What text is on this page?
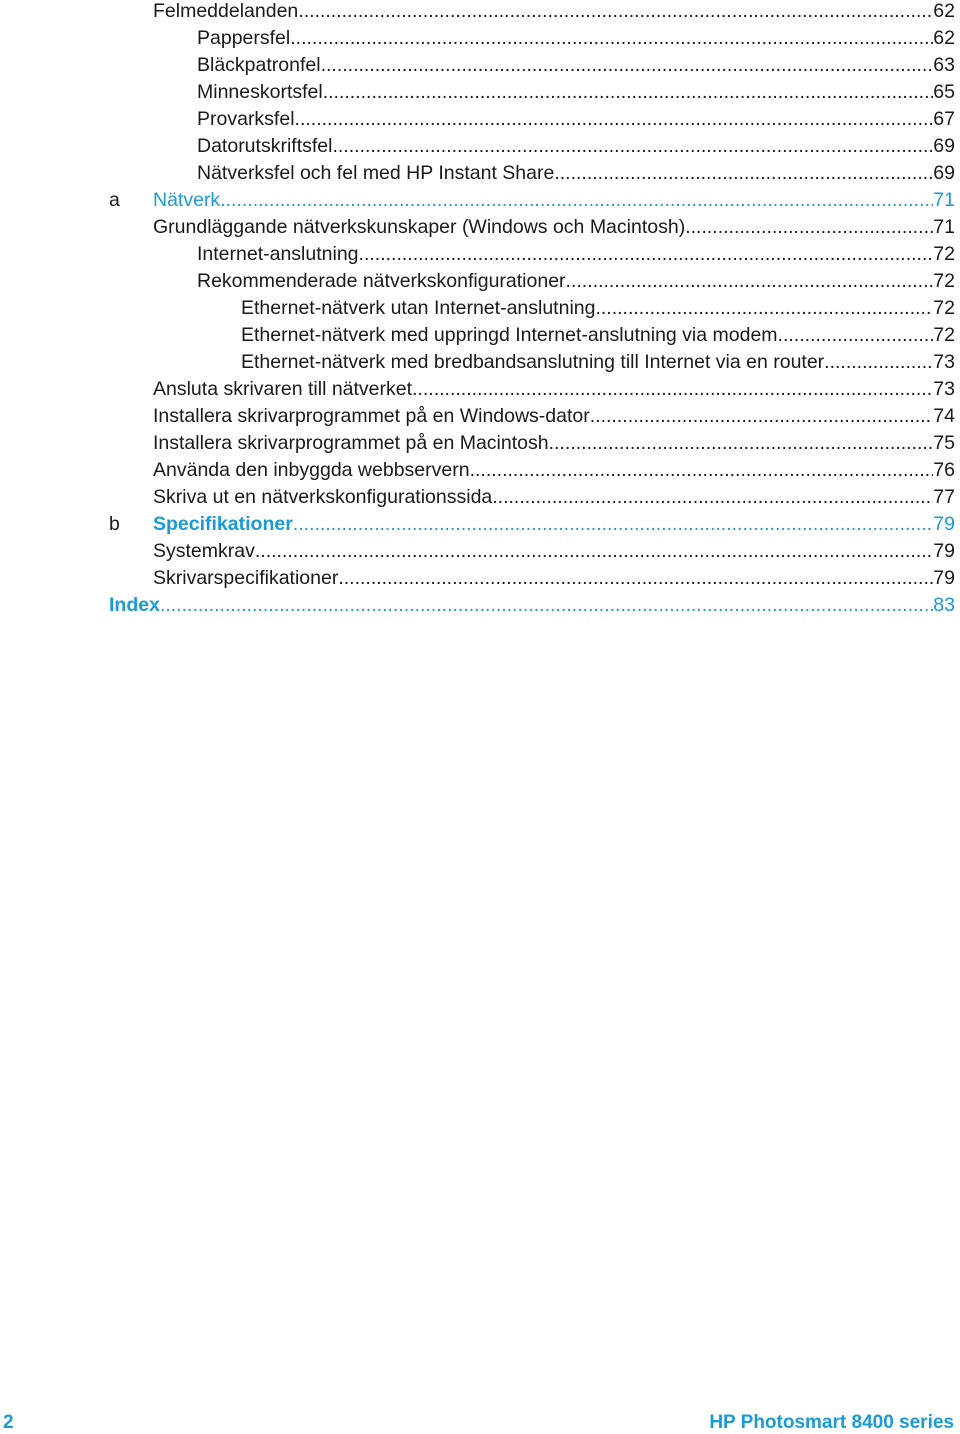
Felmeddelanden .....	62
Pappersfel .....	62
Bläckpatronfel .....	63
Minneskortsfel .....	65
Provarksfel .....	67
Datorutskriftsfel .....	69
Nätverksfel och fel med HP Instant Share .....	69
a	Nätverk .....	71
Grundläggande nätverkskunskaper (Windows och Macintosh) .....	71
Internet-anslutning .....	72
Rekommenderade nätverkskonfigurationer .....	72
Ethernet-nätverk utan Internet-anslutning .....	72
Ethernet-nätverk med uppringd Internet-anslutning via modem .....	72
Ethernet-nätverk med bredbandsanslutning till Internet via en router .....	73
Ansluta skrivaren till nätverket .....	73
Installera skrivarprogrammet på en Windows-dator .....	74
Installera skrivarprogrammet på en Macintosh .....	75
Använda den inbyggda webbservern .....	76
Skriva ut en nätverkskonfigurationssida .....	77
b	Specifikationer .....	79
Systemkrav .....	79
Skrivarspecifikationer .....	79
Index .....	83
2	HP Photosmart 8400 series
